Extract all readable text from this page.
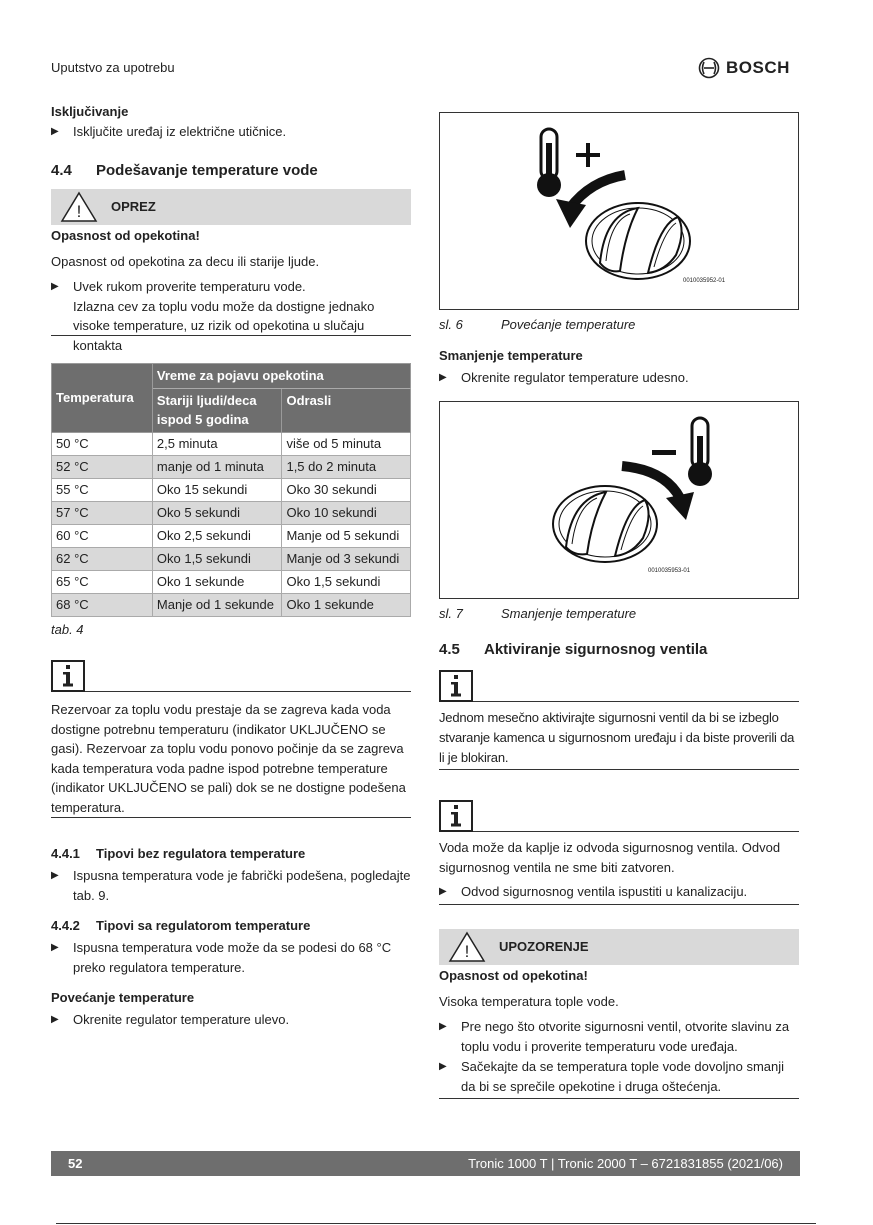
Uputstvo za upotrebu	BOSCH
Isključivanje
▶	Isključite uređaj iz električne utičnice.
4.4	Podešavanje temperature vode
! OPREZ
Opasnost od opekotina!
Opasnost od opekotina za decu ili starije ljude.
▶	Uvek rukom proverite temperaturu vode.
Izlazna cev za toplu vodu može da dostigne jednako visoke temperature, uz rizik od opekotina u slučaju kontakta
Temperatura	Vreme za pojavu opekotina	
	Stariji ljudi/deca ispod 5 godina	Odrasli
50 °C	2,5 minuta	više od 5 minuta
52 °C	manje od 1 minuta	1,5 do 2 minuta
55 °C	Oko 15 sekundi	Oko 30 sekundi
57 °C	Oko 5 sekundi	Oko 10 sekundi
60 °C	Oko 2,5 sekundi	Manje od 5 sekundi
62 °C	Oko 1,5 sekundi	Manje od 3 sekundi
65 °C	Oko 1 sekunde	Oko 1,5 sekundi
68 °C	Manje od 1 sekunde	Oko 1 sekunde
tab. 4
Rezervoar za toplu vodu prestaje da se zagreva kada voda dostigne potrebnu temperaturu (indikator UKLJUČENO se gasi). Rezervoar za toplu vodu ponovo počinje da se zagreva kada temperatura voda padne ispod potrebne temperature (indikator UKLJUČENO se pali) dok se ne dostigne podešena temperatura.
4.4.1	Tipovi bez regulatora temperature
▶	Ispusna temperatura vode je fabrički podešena, pogledajte tab. 9.
4.4.2	Tipovi sa regulatorom temperature
▶	Ispusna temperatura vode može da se podesi do 68 °C preko regulatora temperature.
Povećanje temperature
▶	Okrenite regulator temperature ulevo.
0010035952-01
sl. 6	Povećanje temperature
Smanjenje temperature
▶	Okrenite regulator temperature udesno.
0010035953-01
sl. 7	Smanjenje temperature
4.5	Aktiviranje sigurnosnog ventila
Jednom mesečno aktivirajte sigurnosni ventil da bi se izbeglo stvaranje kamenca u sigurnosnom uređaju i da biste proverili da li je blokiran.
Voda može da kaplje iz odvoda sigurnosnog ventila. Odvod sigurnosnog ventila ne sme biti zatvoren.
▶	Odvod sigurnosnog ventila ispustiti u kanalizaciju.
! UPOZORENJE
Opasnost od opekotina!
Visoka temperatura tople vode.
▶	Pre nego što otvorite sigurnosni ventil, otvorite slavinu za toplu vodu i proverite temperaturu vode uređaja.
▶	Sačekajte da se temperatura tople vode dovoljno smanji da bi se sprečile opekotine i druga oštećenja.
52	Tronic 1000 T | Tronic 2000 T – 6721831855 (2021/06)
